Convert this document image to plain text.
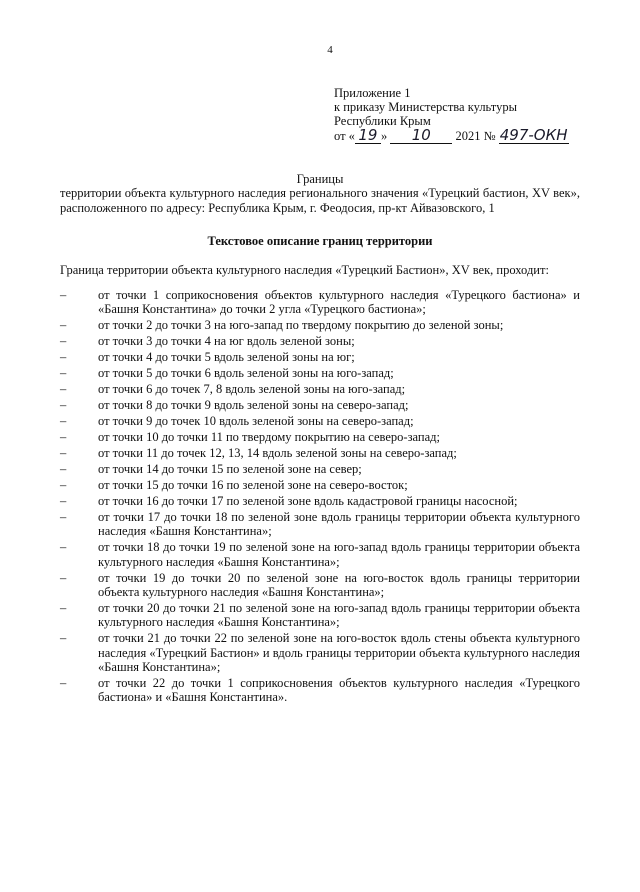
4
Приложение 1
к приказу Министерства культуры
Республики Крым
от « 19 » 10 2021 № 497-ОКН
Границы
территории объекта культурного наследия регионального значения «Турецкий бастион, XV век», расположенного по адресу: Республика Крым, г. Феодосия, пр-кт Айвазовского, 1
Текстовое описание границ территории
Граница территории объекта культурного наследия «Турецкий Бастион», XV век, проходит:
–	от точки 1 соприкосновения объектов культурного наследия «Турецкого бастиона» и «Башня Константина» до точки 2 угла «Турецкого бастиона»;
–	от точки 2 до точки 3 на юго-запад по твердому покрытию до зеленой зоны;
–	от точки 3 до точки 4 на юг вдоль зеленой зоны;
–	от точки 4 до точки 5 вдоль зеленой зоны на юг;
–	от точки 5 до точки 6 вдоль зеленой зоны на юго-запад;
–	от точки 6 до точек 7, 8 вдоль зеленой зоны на юго-запад;
–	от точки 8 до точки 9 вдоль зеленой зоны на северо-запад;
–	от точки 9 до точек 10 вдоль зеленой зоны на северо-запад;
–	от точки 10 до точки 11 по твердому покрытию на северо-запад;
–	от точки 11 до точек 12, 13, 14 вдоль зеленой зоны на северо-запад;
–	от точки 14 до точки 15 по зеленой зоне на север;
–	от точки 15 до точки 16 по зеленой зоне на северо-восток;
–	от точки 16 до точки 17 по зеленой зоне вдоль кадастровой границы насосной;
–	от точки 17 до точки 18 по зеленой зоне вдоль границы территории объекта культурного наследия «Башня Константина»;
–	от точки 18 до точки 19 по зеленой зоне на юго-запад вдоль границы территории объекта культурного наследия «Башня Константина»;
–	от точки 19 до точки 20 по зеленой зоне на юго-восток вдоль границы территории объекта культурного наследия «Башня Константина»;
–	от точки 20 до точки 21 по зеленой зоне на юго-запад вдоль границы территории объекта культурного наследия «Башня Константина»;
–	от точки 21 до точки 22 по зеленой зоне на юго-восток вдоль стены объекта культурного наследия «Турецкий Бастион» и вдоль границы территории объекта культурного наследия «Башня Константина»;
–	от точки 22 до точки 1 соприкосновения объектов культурного наследия «Турецкого бастиона» и «Башня Константина».
